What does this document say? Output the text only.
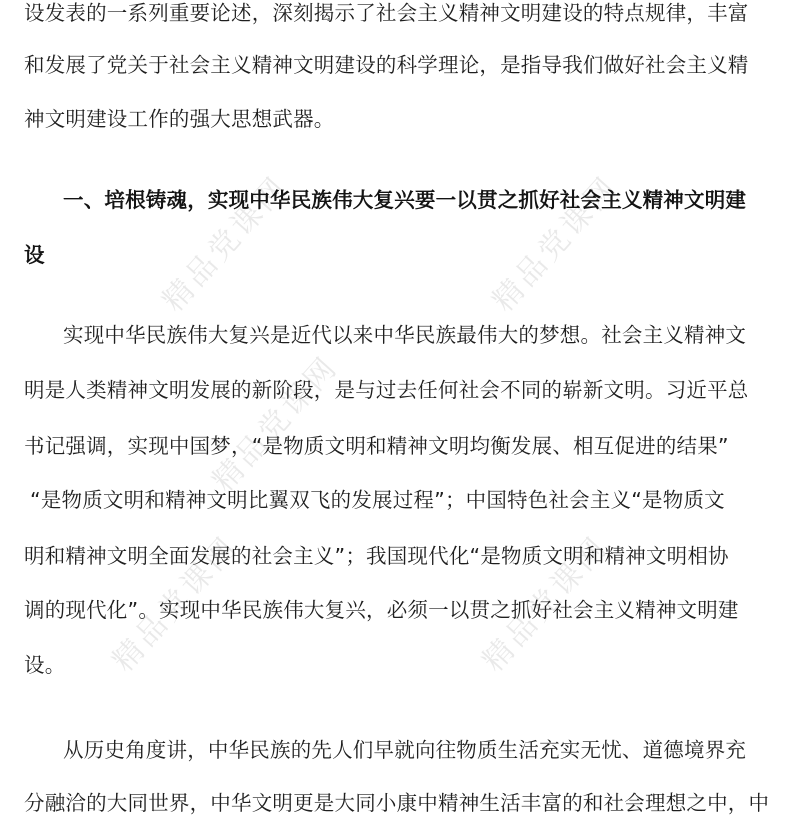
精品党课网	精品党课网
精品党课网
精品党课网	精品党课网
设发表的一系列重要论述，深刻揭示了社会主义精神文明建设的特点规律，丰富
和发展了党关于社会主义精神文明建设的科学理论，是指导我们做好社会主义精
神文明建设工作的强大思想武器。
一、培根铸魂，实现中华民族伟大复兴要一以贯之抓好社会主义精神文明建
设
实现中华民族伟大复兴是近代以来中华民族最伟大的梦想。社会主义精神文
明是人类精神文明发展的新阶段，是与过去任何社会不同的崭新文明。习近平总
书记强调，实现中国梦，“是物质文明和精神文明均衡发展、相互促进的结果”
“是物质文明和精神文明比翼双飞的发展过程”；中国特色社会主义“是物质文
明和精神文明全面发展的社会主义”；我国现代化“是物质文明和精神文明相协
调的现代化”。实现中华民族伟大复兴，必须一以贯之抓好社会主义精神文明建
设。
从历史角度讲，中华民族的先人们早就向往物质生活充实无忧、道德境界充
分融洽的大同世界，中华文明更是大同小康中精神生活丰富的和社会理想之中，中
